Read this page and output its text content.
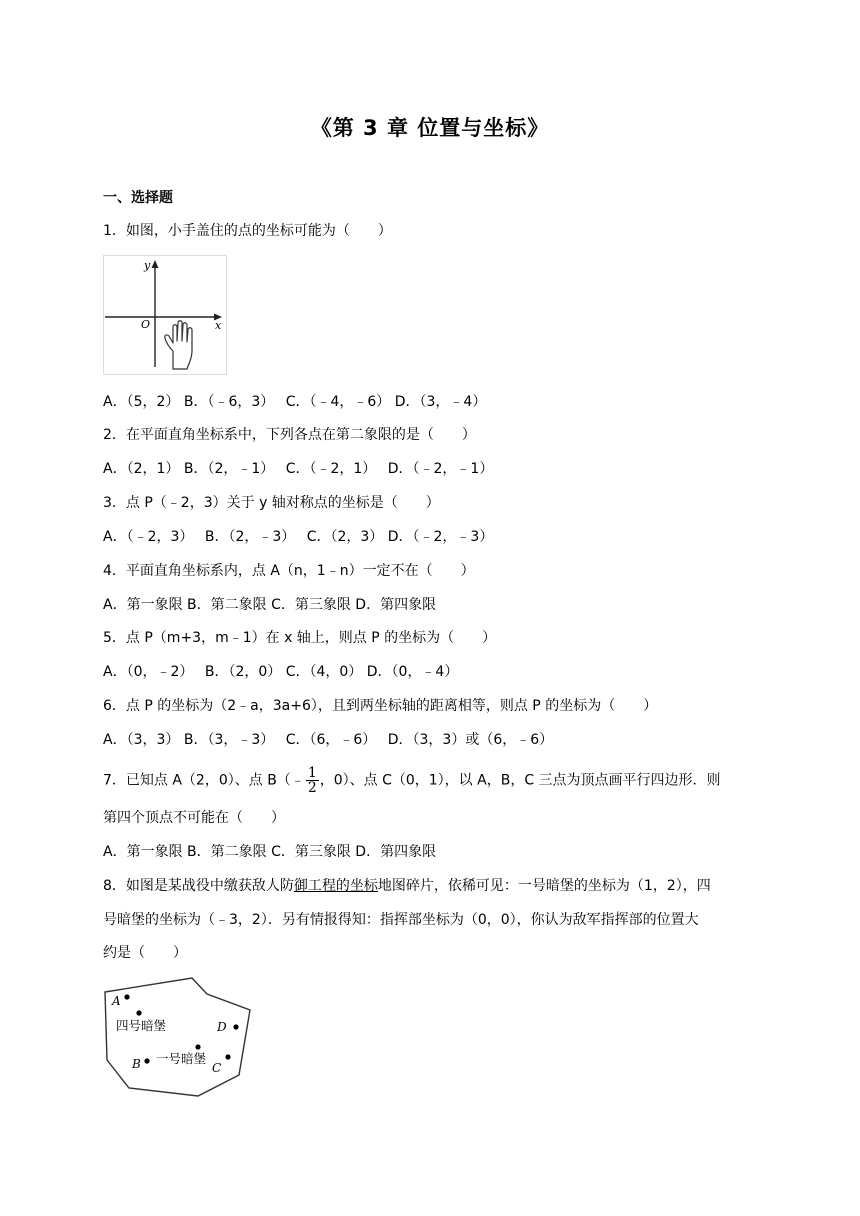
《第 3 章 位置与坐标》
一、选择题
1．如图，小手盖住的点的坐标可能为（　　）
y
x
O
A．（5，2） B．（﹣6，3）　 C．（﹣4，﹣6） D．（3，﹣4）
2．在平面直角坐标系中，下列各点在第二象限的是（　　）
A．（2，1） B．（2，﹣1）　 C．（﹣2，1）　 D．（﹣2，﹣1）
3．点 P（﹣2，3）关于 y 轴对称点的坐标是（　　）
A．（﹣2，3）　 B．（2，﹣3）　 C．（2，3） D．（﹣2，﹣3）
4．平面直角坐标系内，点 A（n，1﹣n）一定不在（　　）
A．第一象限 B．第二象限 C．第三象限 D．第四象限
5．点 P（m+3，m﹣1）在 x 轴上，则点 P 的坐标为（　　）
A．（0，﹣2）　 B．（2，0） C．（4，0） D．（0，﹣4）
6．点 P 的坐标为（2﹣a，3a+6），且到两坐标轴的距离相等，则点 P 的坐标为（　　）
A．（3，3） B．（3，﹣3）　 C．（6，﹣6）　 D．（3，3）或（6，﹣6）
7．已知点 A（2，0）、点 B（﹣ $\frac{1}{2}$ ，0）、点 C（0，1），以 A，B，C 三点为顶点画平行四边形．则
第四个顶点不可能在（　　）
A．第一象限 B．第二象限 C．第三象限 D．第四象限
8．如图是某战役中缴获敌人防御工程的坐标地图碎片，依稀可见：一号暗堡的坐标为（1，2），四
号暗堡的坐标为（﹣3，2）．另有情报得知：指挥部坐标为（0，0），你认为敌军指挥部的位置大
约是（　　）
A
四号暗堡	D
一号暗堡
B	C
